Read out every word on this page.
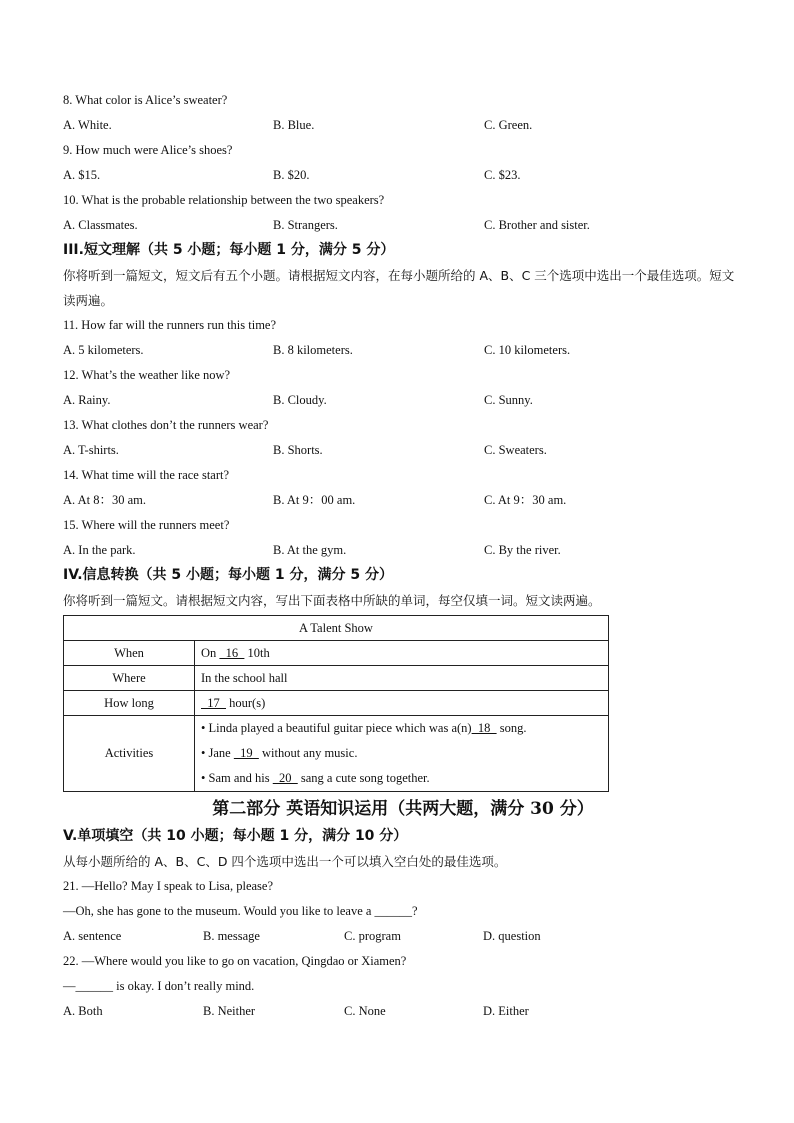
8. What color is Alice’s sweater?
A. White.	B. Blue.	C. Green.
9. How much were Alice’s shoes?
A. $15.	B. $20.	C. $23.
10. What is the probable relationship between the two speakers?
A. Classmates.	B. Strangers.	C. Brother and sister.
III.短文理解（共 5 小题；每小题 1 分，满分 5 分）
你将听到一篇短文，短文后有五个小题。请根据短文内容，在每小题所给的 A、B、C 三个选项中选出一个最佳选项。短文读两遍。
11. How far will the runners run this time?
A. 5 kilometers.	B. 8 kilometers.	C. 10 kilometers.
12. What’s the weather like now?
A. Rainy.	B. Cloudy.	C. Sunny.
13. What clothes don’t the runners wear?
A. T-shirts.	B. Shorts.	C. Sweaters.
14. What time will the race start?
A. At 8：30 am.	B. At 9：00 am.	C. At 9：30 am.
15. Where will the runners meet?
A. In the park.	B. At the gym.	C. By the river.
IV.信息转换（共 5 小题；每小题 1 分，满分 5 分）
你将听到一篇短文。请根据短文内容，写出下面表格中所缺的单词，每空仅填一词。短文读两遍。
A Talent Show	
When	On   16   10th
Where	In the school hall
How long	17   hour(s)
Activities	• Linda played a beautiful guitar piece which was a(n)  18   song.
• Jane   19   without any music.
• Sam and his   20   sang a cute song together.
第二部分 英语知识运用（共两大题，满分 30 分）
V.单项填空（共 10 小题；每小题 1 分，满分 10 分）
从每小题所给的 A、B、C、D 四个选项中选出一个可以填入空白处的最佳选项。
21. —Hello? May I speak to Lisa, please?
—Oh, she has gone to the museum. Would you like to leave a ______?
A. sentence	B. message	C. program	D. question
22. —Where would you like to go on vacation, Qingdao or Xiamen?
—______ is okay. I don’t really mind.
A. Both	B. Neither	C. None	D. Either
